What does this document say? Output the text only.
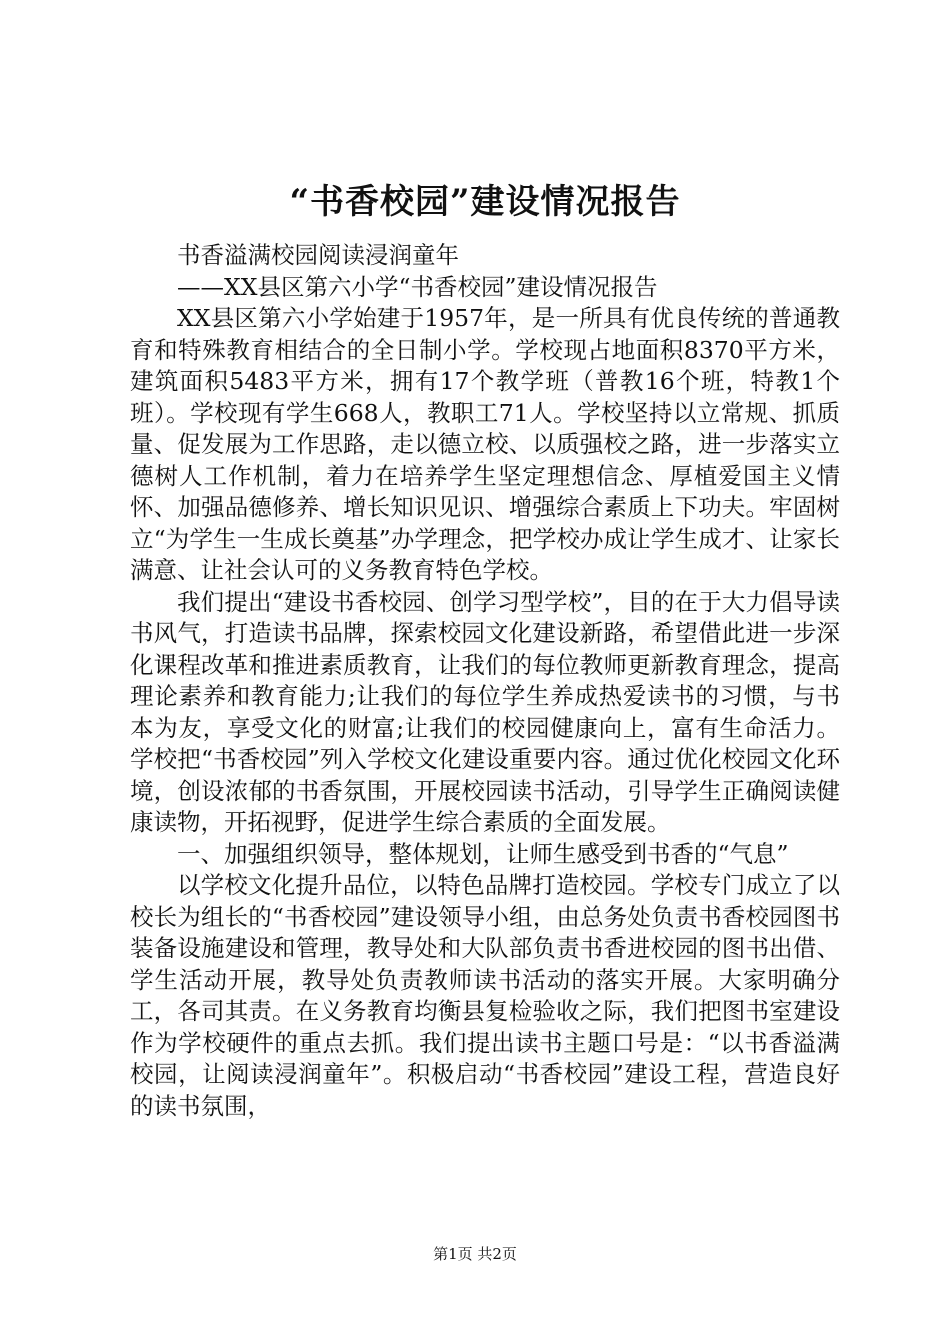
“书香校园”建设情况报告

书香溢满校园阅读浸润童年

——XX县区第六小学“书香校园”建设情况报告

XX县区第六小学始建于1957年，是一所具有优良传统的普通教育和特殊教育相结合的全日制小学。学校现占地面积8370平方米，建筑面积5483平方米，拥有17个教学班（普教16个班，特教1个班）。学校现有学生668人，教职工71人。学校坚持以立常规、抓质量、促发展为工作思路，走以德立校、以质强校之路，进一步落实立德树人工作机制，着力在培养学生坚定理想信念、厚植爱国主义情怀、加强品德修养、增长知识见识、增强综合素质上下功夫。牢固树立“为学生一生成长奠基”办学理念，把学校办成让学生成才、让家长满意、让社会认可的义务教育特色学校。

我们提出“建设书香校园、创学习型学校”，目的在于大力倡导读书风气，打造读书品牌，探索校园文化建设新路，希望借此进一步深化课程改革和推进素质教育，让我们的每位教师更新教育理念，提高理论素养和教育能力;让我们的每位学生养成热爱读书的习惯，与书本为友，享受文化的财富;让我们的校园健康向上，富有生命活力。学校把“书香校园”列入学校文化建设重要内容。通过优化校园文化环境，创设浓郁的书香氛围，开展校园读书活动，引导学生正确阅读健康读物，开拓视野，促进学生综合素质的全面发展。

一、加强组织领导，整体规划，让师生感受到书香的“气息”

以学校文化提升品位，以特色品牌打造校园。学校专门成立了以校长为组长的“书香校园”建设领导小组，由总务处负责书香校园图书装备设施建设和管理，教导处和大队部负责书香进校园的图书出借、学生活动开展，教导处负责教师读书活动的落实开展。大家明确分工，各司其责。在义务教育均衡县复检验收之际，我们把图书室建设作为学校硬件的重点去抓。我们提出读书主题口号是：“以书香溢满校园，让阅读浸润童年”。积极启动“书香校园”建设工程，营造良好的读书氛围，

第1页 共2页
